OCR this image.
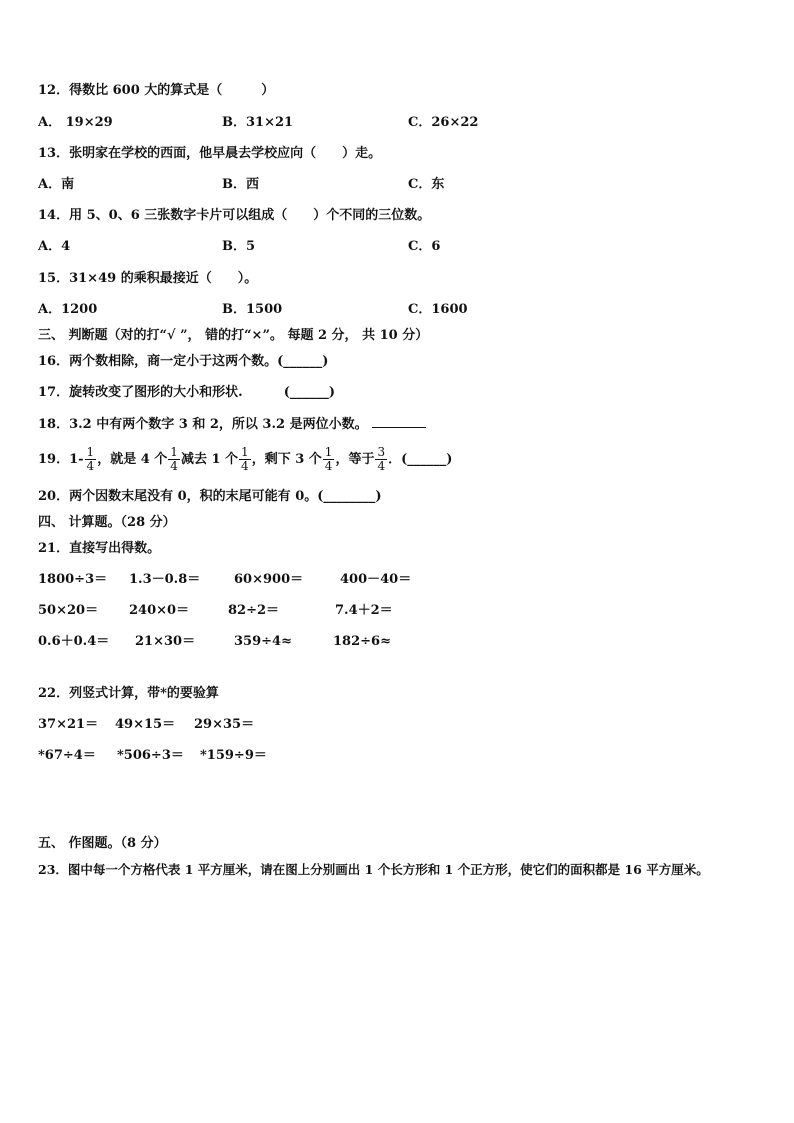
12．得数比 600 大的算式是（　　　）
A． 19×29	B．31×21	C．26×22
13．张明家在学校的西面，他早晨去学校应向（　　）走。
A．南	B．西	C．东
14．用 5、0、6 三张数字卡片可以组成（　　）个不同的三位数。
A．4	B．5	C．6
15．31×49 的乘积最接近（　　）。
A．1200	B．1500	C．1600
三、 判断题（对的打“√ ”， 错的打“×”。 每题 2 分， 共 10 分）
16．两个数相除，商一定小于这两个数。(______)
17．旋转改变了图形的大小和形状.	(______)
18．3.2 中有两个数字 3 和 2，所以 3.2 是两位小数。
19．$1- \frac{1}{4}$ ，就是 4 个 $\frac{1}{4}$ 减去 1 个 $\frac{1}{4}$ ，剩下 3 个 $\frac{1}{4}$ ，等于 $\frac{3}{4}$ ．(______)
20．两个因数末尾没有 0，积的末尾可能有 0。(________)
四、 计算题。（28 分）
21．直接写出得数。
1800÷3＝ 1.3－0.8＝	60×900＝	400－40＝
50×20＝ 240×0＝	82÷2＝	7.4＋2＝
0.6＋0.4＝ 21×30＝	359÷4≈	182÷6≈
22．列竖式计算，带*的要验算
37×21＝ 49×15＝ 29×35＝
*67÷4＝ *506÷3＝ *159÷9＝
五、 作图题。（8 分）
23．图中每一个方格代表 1 平方厘米，请在图上分别画出 1 个长方形和 1 个正方形，使它们的面积都是 16 平方厘米。
